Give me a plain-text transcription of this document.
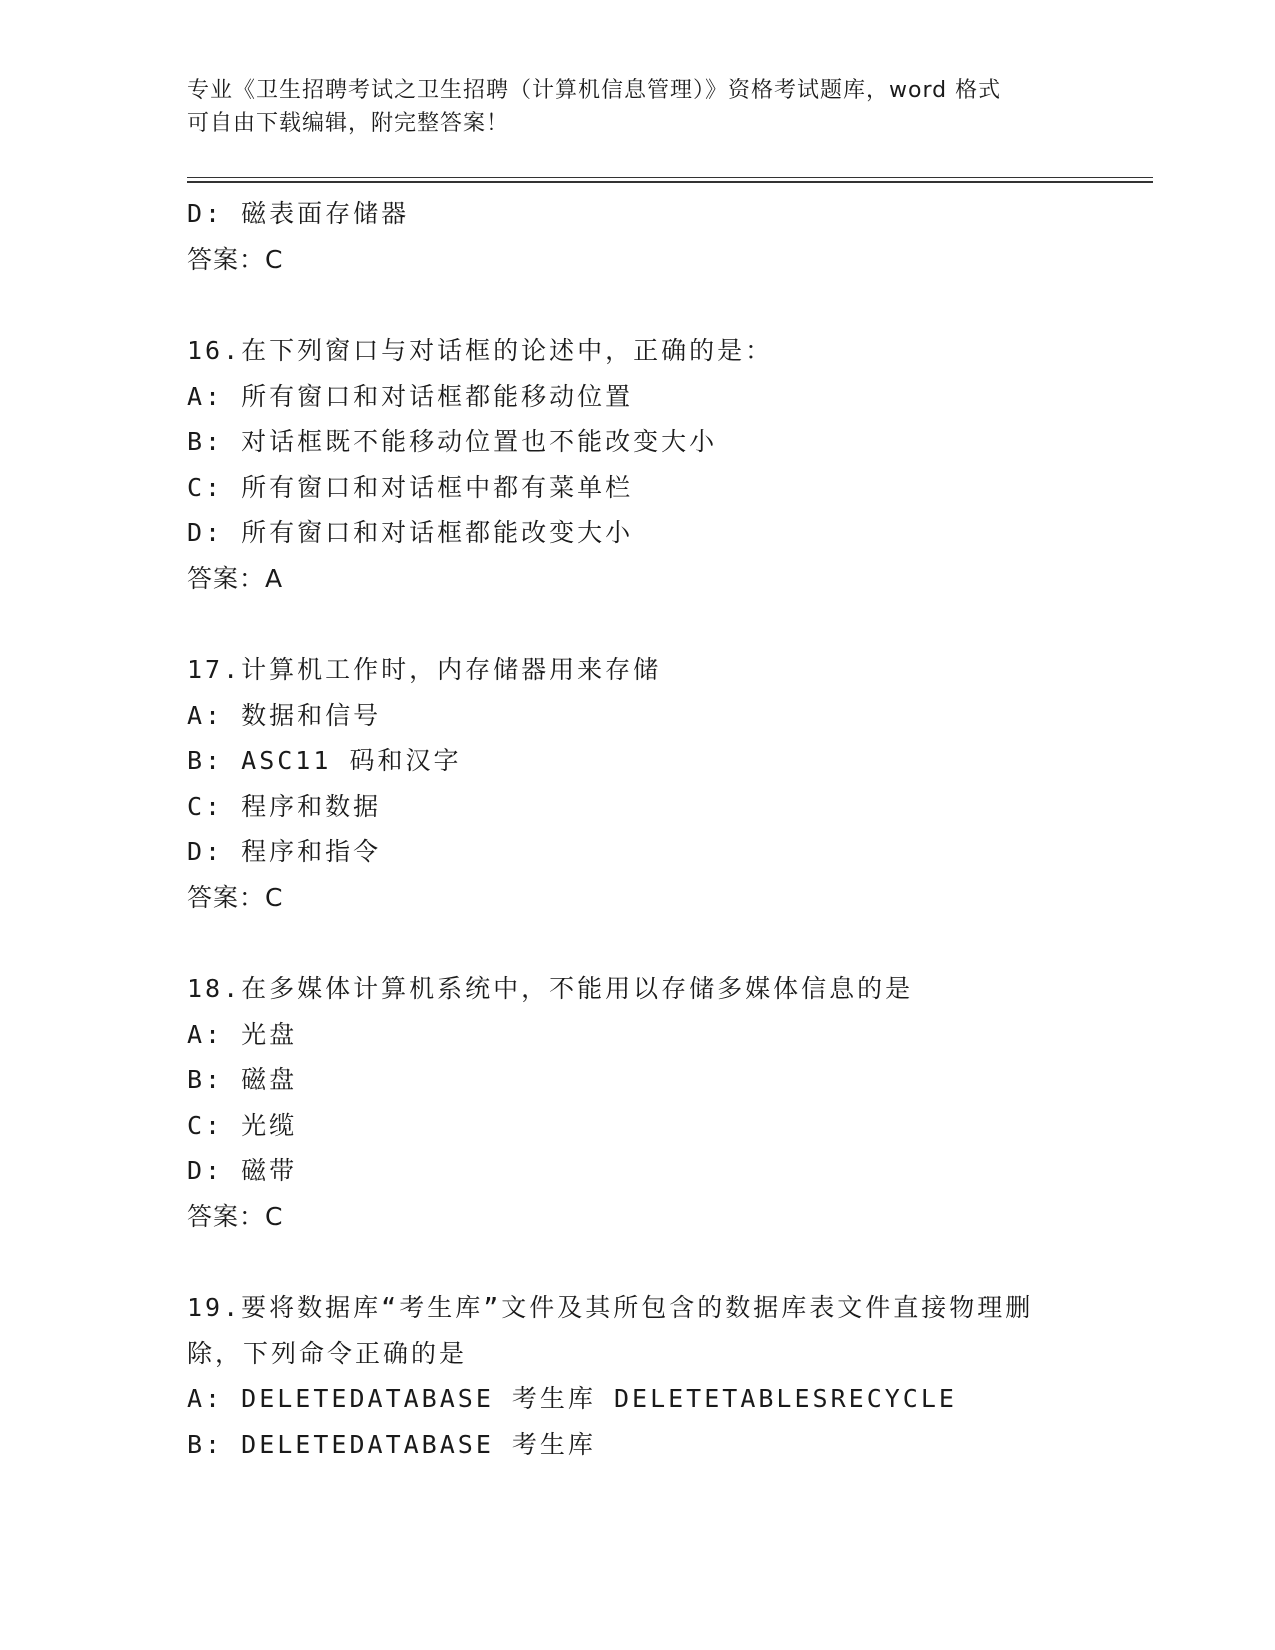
专业《卫生招聘考试之卫生招聘（计算机信息管理）》资格考试题库，word 格式
可自由下载编辑，附完整答案！
D: 磁表面存储器
答案：C
16.在下列窗口与对话框的论述中，正确的是：
A: 所有窗口和对话框都能移动位置
B: 对话框既不能移动位置也不能改变大小
C: 所有窗口和对话框中都有菜单栏
D: 所有窗口和对话框都能改变大小
答案：A
17.计算机工作时，内存储器用来存储
A: 数据和信号
B: ASC11 码和汉字
C: 程序和数据
D: 程序和指令
答案：C
18.在多媒体计算机系统中，不能用以存储多媒体信息的是
A: 光盘
B: 磁盘
C: 光缆
D: 磁带
答案：C
19.要将数据库“考生库”文件及其所包含的数据库表文件直接物理删
除，下列命令正确的是
A: DELETEDATABASE 考生库 DELETETABLESRECYCLE
B: DELETEDATABASE 考生库
